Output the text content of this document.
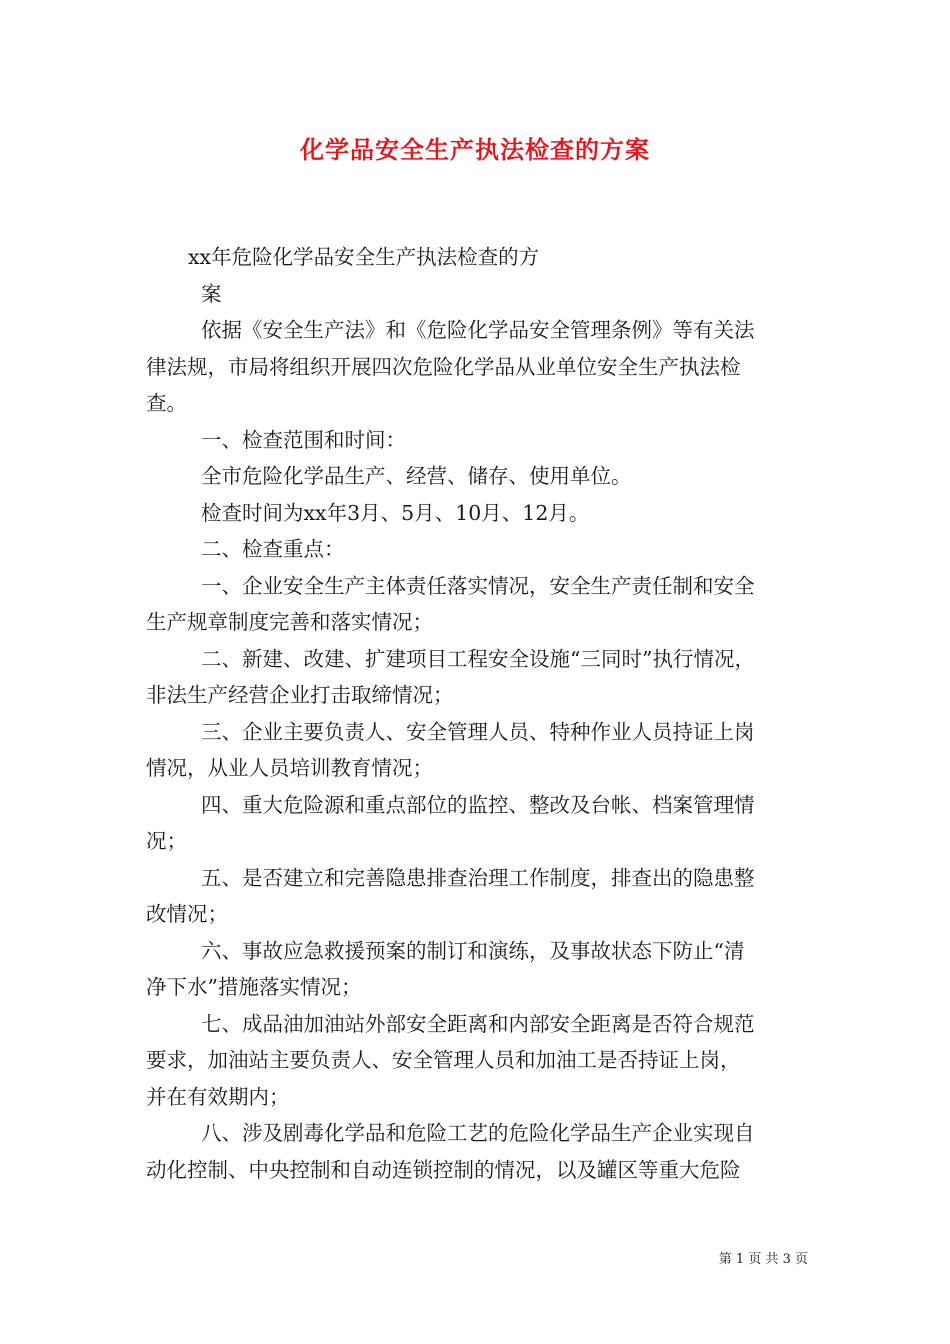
化学品安全生产执法检查的方案

xx年危险化学品安全生产执法检查的方

案

依据《安全生产法》和《危险化学品安全管理条例》等有关法

律法规，市局将组织开展四次危险化学品从业单位安全生产执法检

查。

一、检查范围和时间：

全市危险化学品生产、经营、储存、使用单位。

检查时间为xx年3月、5月、10月、12月。

二、检查重点：

一、企业安全生产主体责任落实情况，安全生产责任制和安全

生产规章制度完善和落实情况；

二、新建、改建、扩建项目工程安全设施“三同时”执行情况，

非法生产经营企业打击取缔情况；

三、企业主要负责人、安全管理人员、特种作业人员持证上岗

情况，从业人员培训教育情况；

四、重大危险源和重点部位的监控、整改及台帐、档案管理情

况；

五、是否建立和完善隐患排查治理工作制度，排查出的隐患整

改情况；

六、事故应急救援预案的制订和演练，及事故状态下防止“清

净下水”措施落实情况；

七、成品油加油站外部安全距离和内部安全距离是否符合规范

要求，加油站主要负责人、安全管理人员和加油工是否持证上岗，

并在有效期内；

八、涉及剧毒化学品和危险工艺的危险化学品生产企业实现自

动化控制、中央控制和自动连锁控制的情况，以及罐区等重大危险

第 1 页 共 3 页
